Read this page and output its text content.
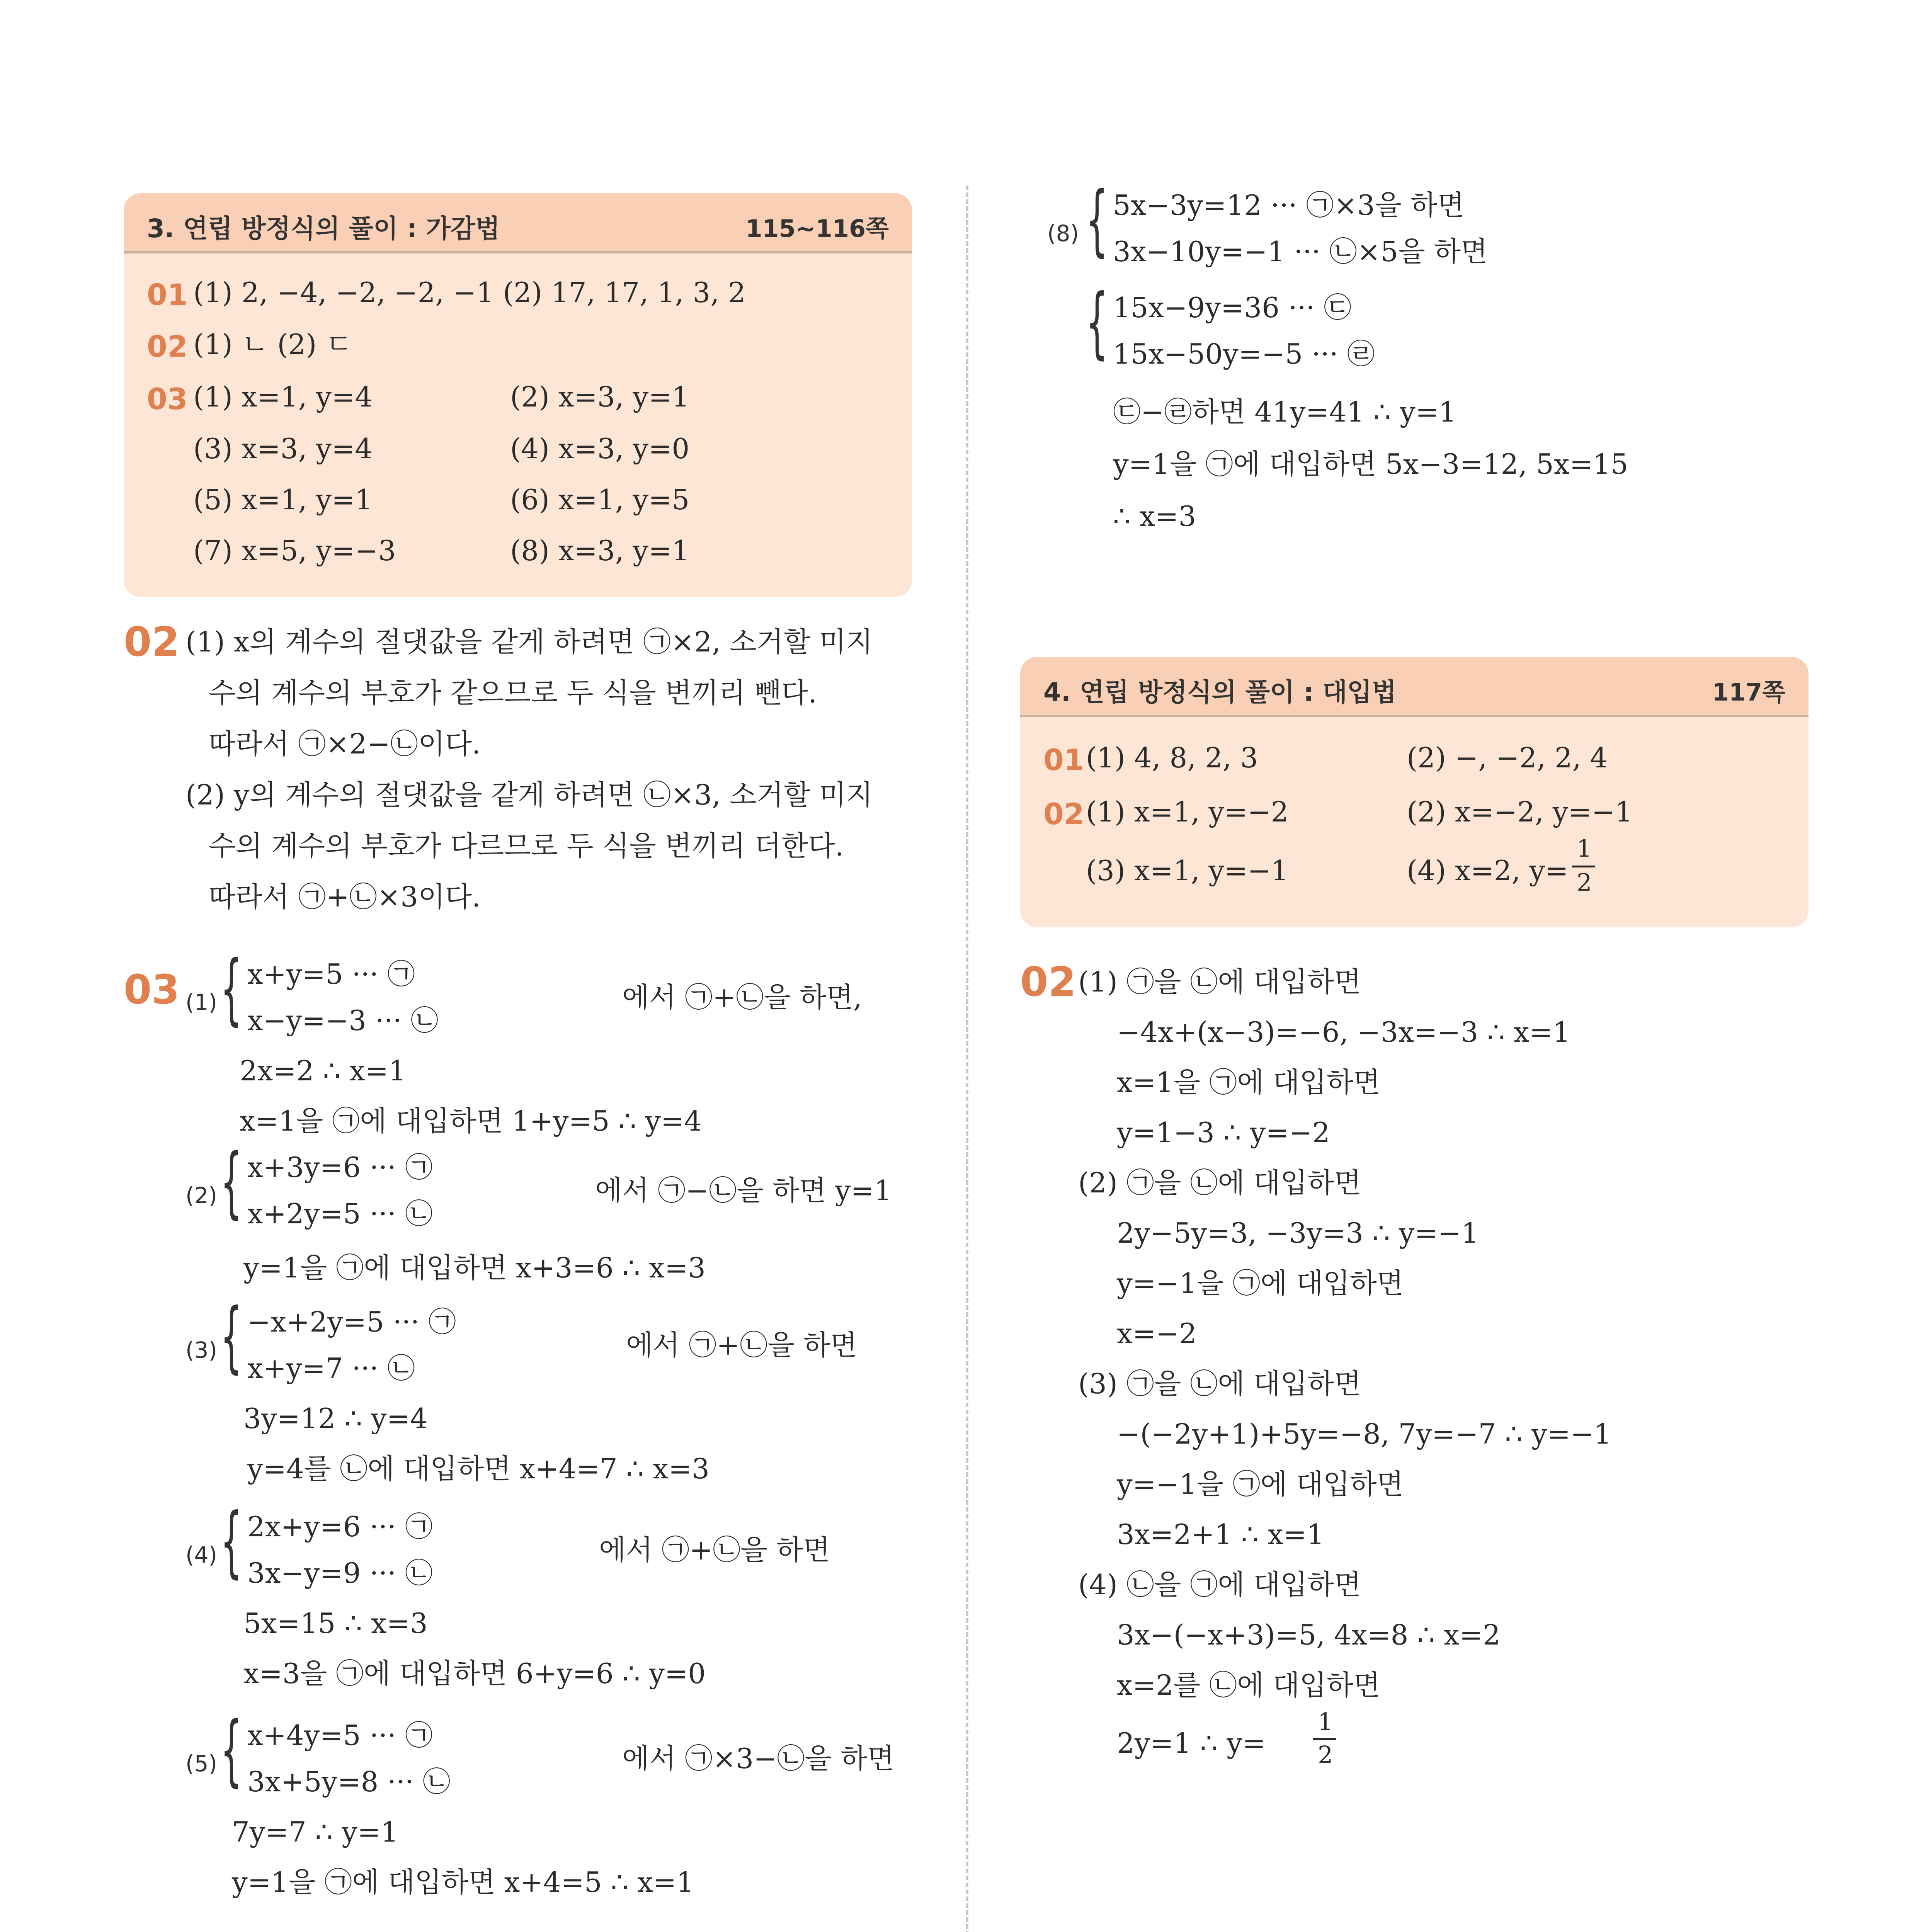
3. 연립 방정식의 풀이 : 가감법	115~116쪽
01 (1) 2, −4, −2, −2, −1 (2) 17, 17, 1, 3, 2
02 (1) ㄴ (2) ㄷ
03 (1) x=1, y=4	(2) x=3, y=1
(3) x=3, y=4	(4) x=3, y=0
(5) x=1, y=1	(6) x=1, y=5
(7) x=5, y=−3	(8) x=3, y=1
02 (1) x의 계수의 절댓값을 같게 하려면 ㉠×2, 소거할 미지
수의 계수의 부호가 같으므로 두 식을 변끼리 뺀다.
따라서 ㉠×2−㉡이다.
(2) y의 계수의 절댓값을 같게 하려면 ㉡×3, 소거할 미지
수의 계수의 부호가 다르므로 두 식을 변끼리 더한다.
따라서 ㉠+㉡×3이다.
03 (1) { x+y=5 ··· ㉠
x−y=−3 ··· ㉡
에서 ㉠+㉡을 하면,
2x=2 ∴ x=1
x=1을 ㉠에 대입하면 1+y=5 ∴ y=4
(2) { x+3y=6 ··· ㉠
x+2y=5 ··· ㉡
에서 ㉠−㉡을 하면 y=1
y=1을 ㉠에 대입하면 x+3=6 ∴ x=3
(3) { −x+2y=5 ··· ㉠
x+y=7 ··· ㉡
에서 ㉠+㉡을 하면
3y=12 ∴ y=4
y=4를 ㉡에 대입하면 x+4=7 ∴ x=3
(4) { 2x+y=6 ··· ㉠
3x−y=9 ··· ㉡
에서 ㉠+㉡을 하면
5x=15 ∴ x=3
x=3을 ㉠에 대입하면 6+y=6 ∴ y=0
(5) { x+4y=5 ··· ㉠
3x+5y=8 ··· ㉡
에서 ㉠×3−㉡을 하면
7y=7 ∴ y=1
y=1을 ㉠에 대입하면 x+4=5 ∴ x=1
(8) { 5x−3y=12 ··· ㉠×3을 하면
3x−10y=−1 ··· ㉡×5을 하면
{ 15x−9y=36 ··· ㉢
15x−50y=−5 ··· ㉣
㉢−㉣하면 41y=41 ∴ y=1
y=1을 ㉠에 대입하면 5x−3=12, 5x=15
∴ x=3
4. 연립 방정식의 풀이 : 대입법	117쪽
01 (1) 4, 8, 2, 3	(2) −, −2, 2, 4
02 (1) x=1, y=−2	(2) x=−2, y=−1
(3) x=1, y=−1	(4) x=2, y=
1
2
02 (1) ㉠을 ㉡에 대입하면
−4x+(x−3)=−6, −3x=−3 ∴ x=1
x=1을 ㉠에 대입하면
y=1−3 ∴ y=−2
(2) ㉠을 ㉡에 대입하면
2y−5y=3, −3y=3 ∴ y=−1
y=−1을 ㉠에 대입하면
x=−2
(3) ㉠을 ㉡에 대입하면
−(−2y+1)+5y=−8, 7y=−7 ∴ y=−1
y=−1을 ㉠에 대입하면
3x=2+1 ∴ x=1
(4) ㉡을 ㉠에 대입하면
3x−(−x+3)=5, 4x=8 ∴ x=2
x=2를 ㉡에 대입하면
2y=1 ∴ y=
1
2
